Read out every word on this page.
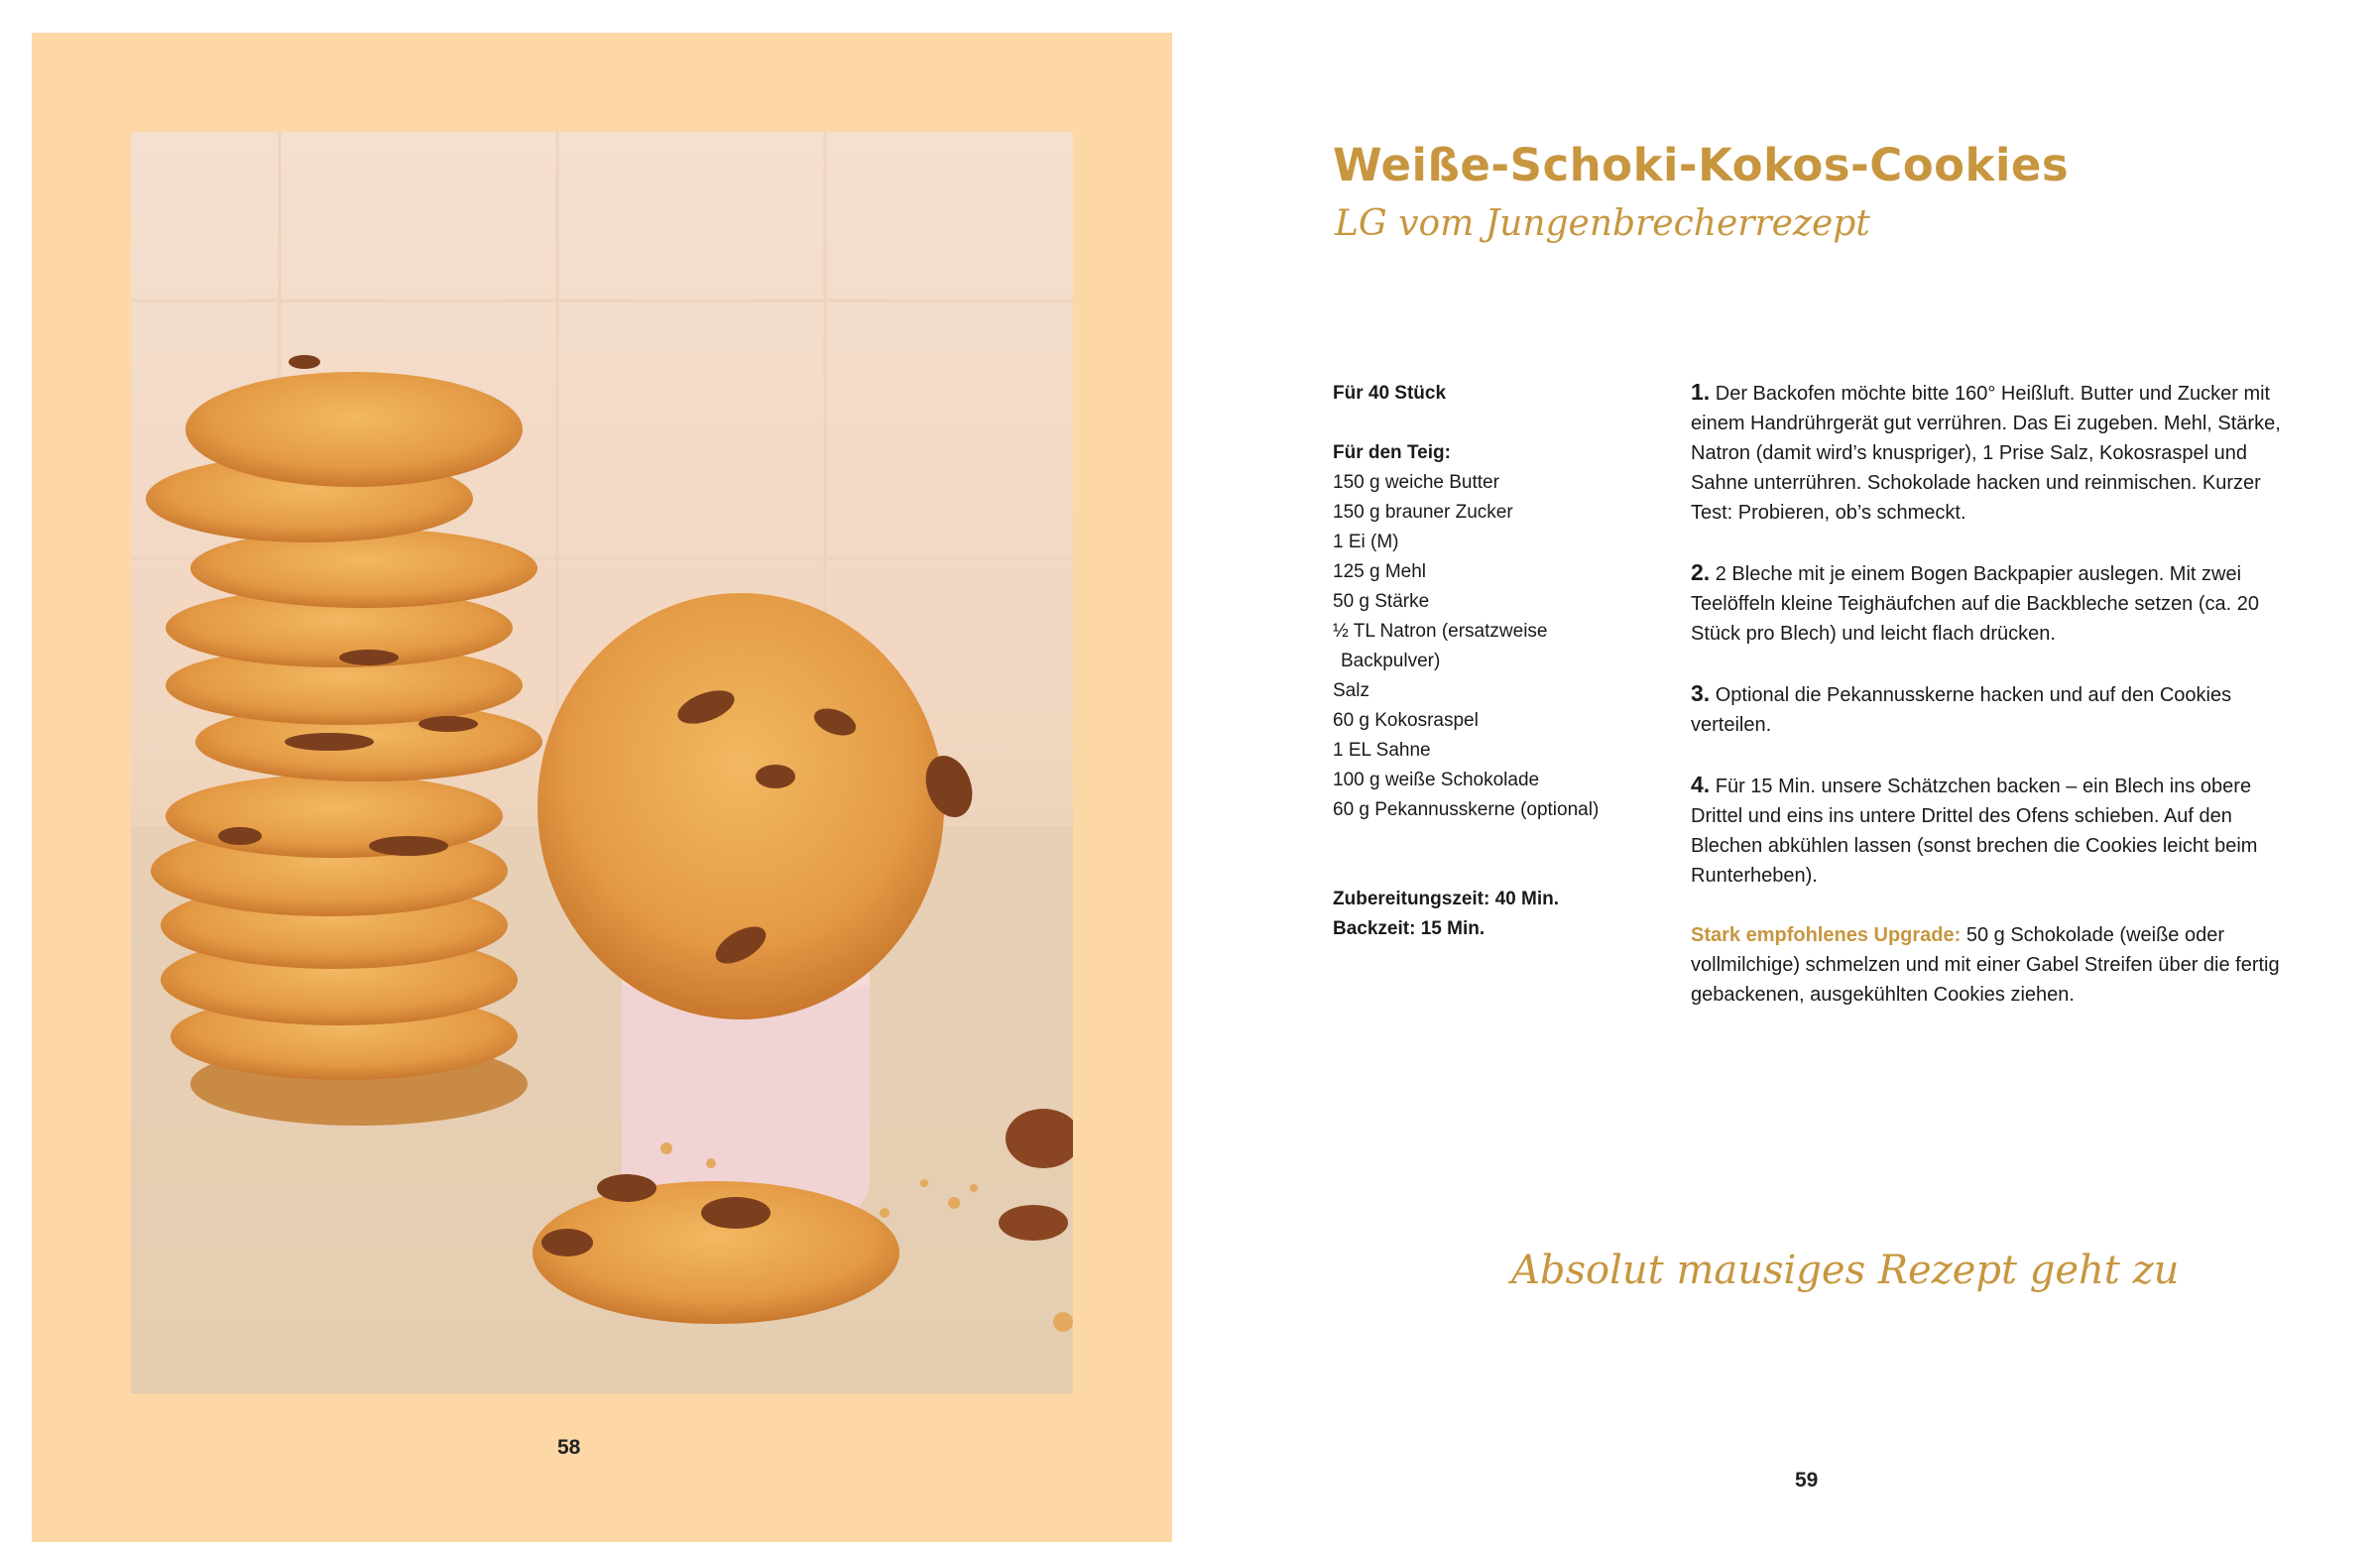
58
Weiße-Schoki-Kokos-Cookies
LG vom Jungenbrecherrezept
Für 40 Stück
Für den Teig:
150 g weiche Butter
150 g brauner Zucker
1 Ei (M)
125 g Mehl
50 g Stärke
½ TL Natron (ersatzweise
Backpulver)
Salz
60 g Kokosraspel
1 EL Sahne
100 g weiße Schokolade
60 g Pekannusskerne (optional)
Zubereitungszeit: 40 Min.
Backzeit: 15 Min.

1. Der Backofen möchte bitte 160° Heißluft. Butter und Zucker mit einem Handrührgerät gut verrühren. Das Ei zugeben. Mehl, Stärke, Natron (damit wird’s knuspriger), 1 Prise Salz, Kokosraspel und Sahne unterrühren. Schokolade hacken und reinmischen. Kurzer Test: Probieren, ob’s schmeckt.

2. 2 Bleche mit je einem Bogen Backpapier auslegen. Mit zwei Teelöffeln kleine Teighäufchen auf die Backbleche setzen (ca. 20 Stück pro Blech) und leicht flach drücken.

3. Optional die Pekannusskerne hacken und auf den Cookies verteilen.

4. Für 15 Min. unsere Schätzchen backen – ein Blech ins obere Drittel und eins ins untere Drittel des Ofens schieben. Auf den Blechen abkühlen lassen (sonst brechen die Cookies leicht beim Runterheben).

Stark empfohlenes Upgrade: 50 g Schokolade (weiße oder vollmilchige) schmelzen und mit einer Gabel Streifen über die fertig gebackenen, ausgekühlten Cookies ziehen.

Absolut mausiges Rezept geht zu
59
